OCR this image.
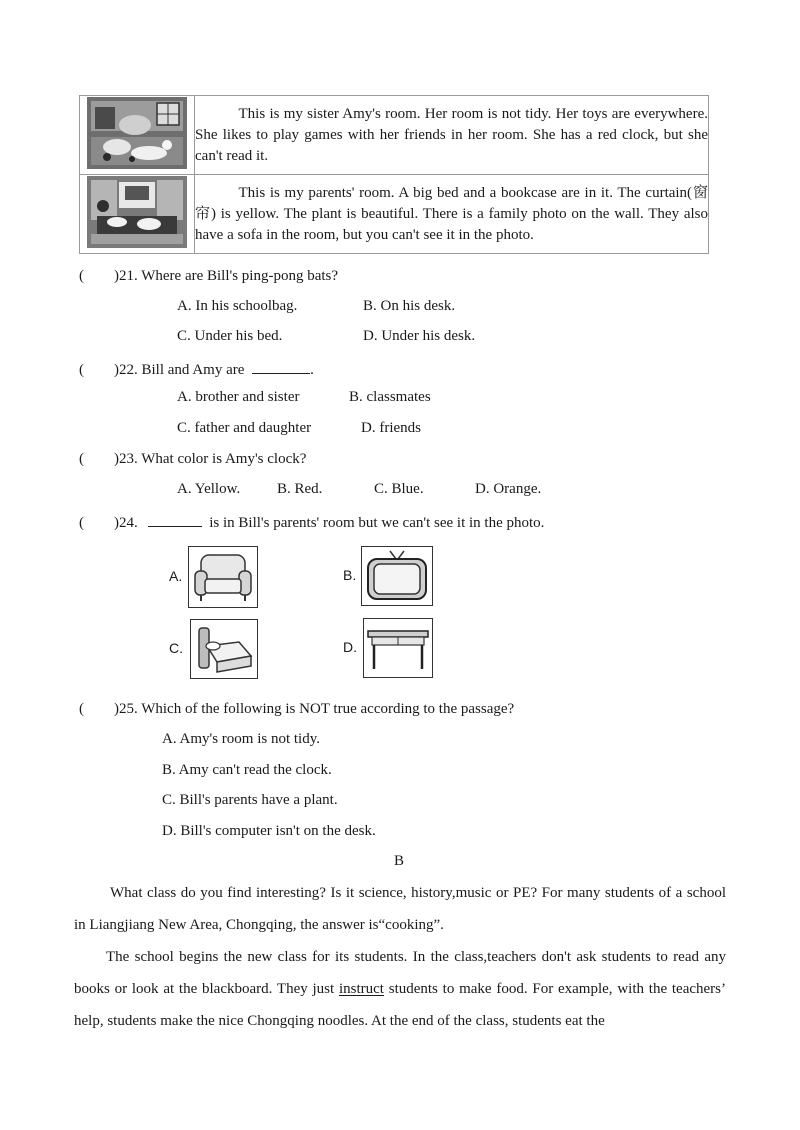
This is my sister Amy's room. Her room is not tidy. Her toys are everywhere. She likes to play games with her friends in her room. She has a red clock, but she can't read it.

This is my parents' room. A big bed and a bookcase are in it. The curtain(窗帘) is yellow. The plant is beautiful. There is a family photo on the wall. They also have a sofa in the room, but you can't see it in the photo.

( )21. Where are Bill's ping-pong bats?
A. In his schoolbag.	B. On his desk.
C. Under his bed.	D. Under his desk.
( )22. Bill and Amy are	.
A. brother and sister	B. classmates
C. father and daughter	D. friends
( )23. What color is Amy's clock?
A. Yellow. B. Red.	C. Blue.	D. Orange.
( )24.	is in Bill's parents' room but we can't see it in the photo.
A.	B.
C.	D.
( )25. Which of the following is NOT true according to the passage?
A. Amy's room is not tidy.
B. Amy can't read the clock.
C. Bill's parents have a plant.
D. Bill's computer isn't on the desk.
B
What class do you find interesting? Is it science, history,music or PE? For many students of a school in Liangjiang New Area, Chongqing, the answer is“cooking”.
The school begins the new class for its students. In the class,teachers don't ask students to read any books or look at the blackboard. They just instruct students to make food. For example, with the teachers’ help, students make the nice Chongqing noodles. At the end of the class, students eat the
